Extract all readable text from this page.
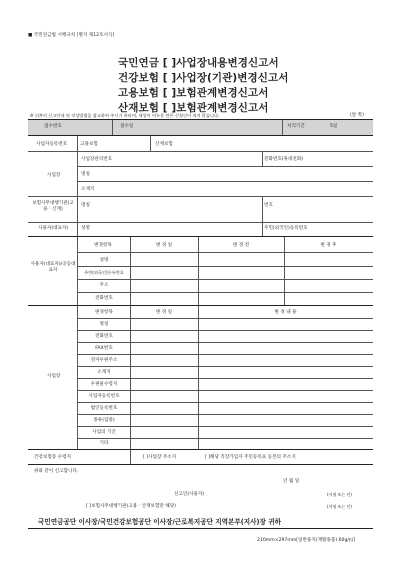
■ 국민연금법 시행규칙 [별지 제12호서식]
국민연금 [ ]사업장내용변경신고서
건강보험 [ ]사업장(기관)변경신고서
고용보험 [ ]보험관계변경신고서
산재보험 [ ]보험관계변경신고서
※ 뒤쪽의 신고안내 및 작성방법을 참고하여 주시기 바라며, 색상이 어두운 란은 신청인이 적지 않습니다.	(앞 쪽)
접수번호	접수일	처리기간	5일
사업자등록번호	고용보험	산재보험
사업장
사업장관리번호	전화번호(휴대전화)
명칭
소재지
보험사무대행기관(고용ㆍ산재)
명칭	번호
사용자(대표자)	성명	주민(외국인)등록번호
사용자(대표자)/공동대표자
변경항목	변 경 일	변 경 전	변 경 후
성명
주민(외국인)등록번호
주소
전화번호
사업장
변경항목	변 경 일	변 경 내 용
명칭
전화번호
FAX번호
전자우편주소
소재지
우편물수령지
사업자등록번호
법인등록번호
종류(업종)
사업의 기간
기타
건강보험증 수령지	[ ]사업장 주소지	[ ]해당 직장가입자 주민등록표 등본의 주소지
위와 같이 신고합니다.
년 월 일
신고인(사용자)	(서명 또는 인)
[ ]보험사무대행기관(고용ㆍ산재보험만 해당)	(서명 또는 인)
국민연금공단 이사장/국민건강보험공단 이사장/근로복지공단 지역본부(지사)장 귀하
210mm×297mm[일반용지(재활용품) 60g/㎡]
